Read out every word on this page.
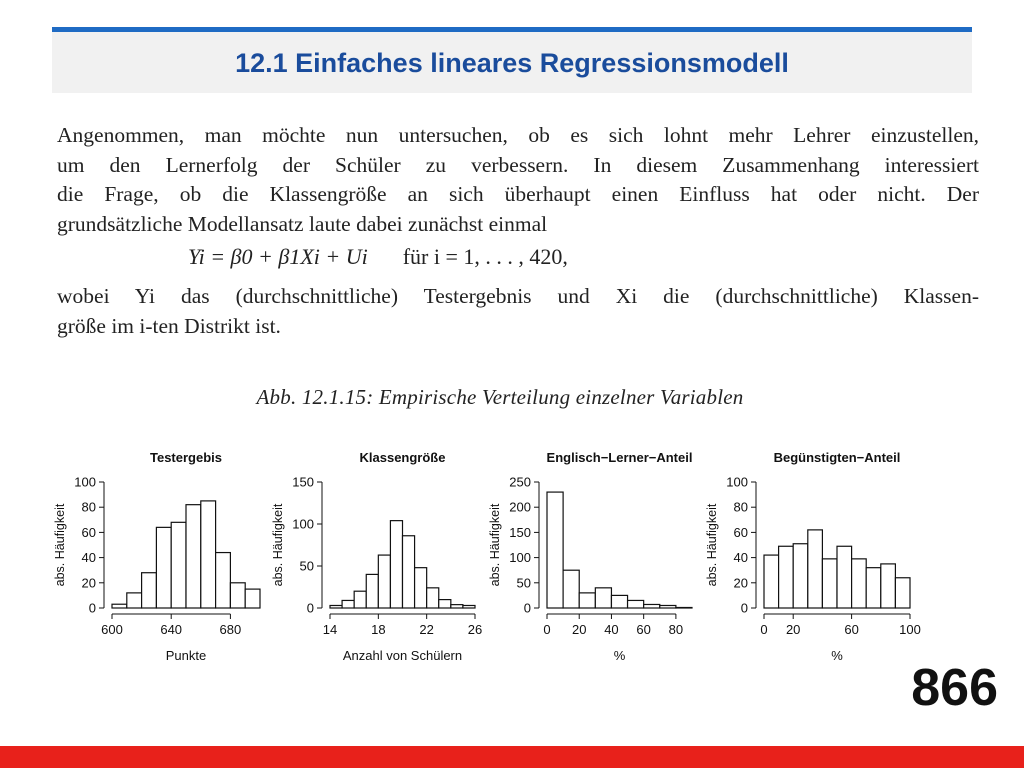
12.1 Einfaches lineares Regressionsmodell
Angenommen, man möchte nun untersuchen, ob es sich lohnt mehr Lehrer einzustellen,
um den Lernerfolg der Schüler zu verbessern. In diesem Zusammenhang interessiert
die Frage, ob die Klassengröße an sich überhaupt einen Einfluss hat oder nicht. Der
grundsätzliche Modellansatz laute dabei zunächst einmal
Yi = β0 + β1Xi + Ui für i = 1, . . . , 420,
wobei Yi das (durchschnittliche) Testergebnis und Xi die (durchschnittliche) Klassen-
größe im i-ten Distrikt ist.
Abb. 12.1.15: Empirische Verteilung einzelner Variablen
Testergebis
0
20
40
60
80
100
abs. Häufigkeit
600	640	680
Punkte
Klassengröße
0
50
100
150
abs. Häufigkeit
14	18	22	26
Anzahl von Schülern
Englisch−Lerner−Anteil
0
50
100
150
200
250
abs. Häufigkeit
0 20 40 60 80
%
Begünstigten−Anteil
0
20
40
60
80
100
abs. Häufigkeit
0 20	60	100
%
866
